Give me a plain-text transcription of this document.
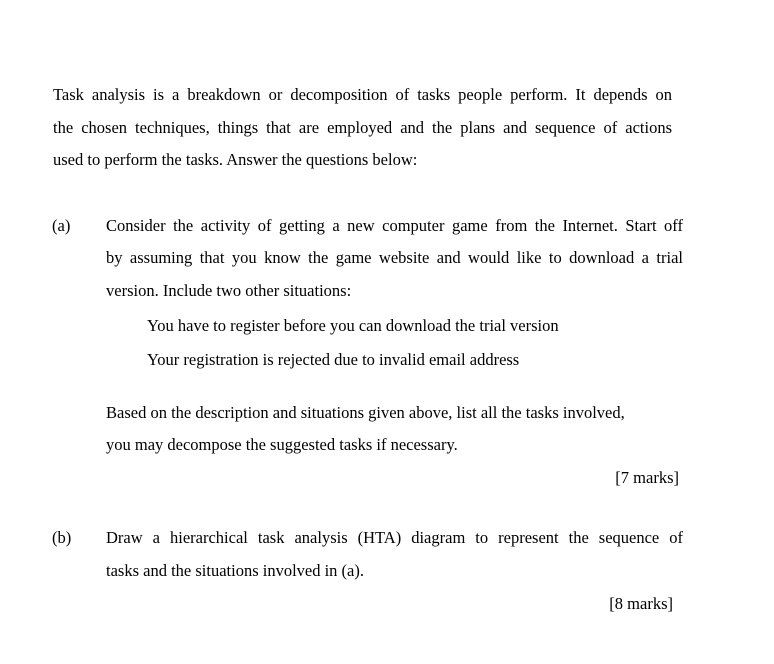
Task analysis is a breakdown or decomposition of tasks people perform. It depends on
the chosen techniques, things that are employed and the plans and sequence of actions
used to perform the tasks. Answer the questions below:
(a) Consider the activity of getting a new computer game from the Internet. Start off
by assuming that you know the game website and would like to download a trial
version. Include two other situations:
You have to register before you can download the trial version
Your registration is rejected due to invalid email address
Based on the description and situations given above, list all the tasks involved,
you may decompose the suggested tasks if necessary.
[7 marks]
(b) Draw a hierarchical task analysis (HTA) diagram to represent the sequence of
tasks and the situations involved in (a).
[8 marks]
